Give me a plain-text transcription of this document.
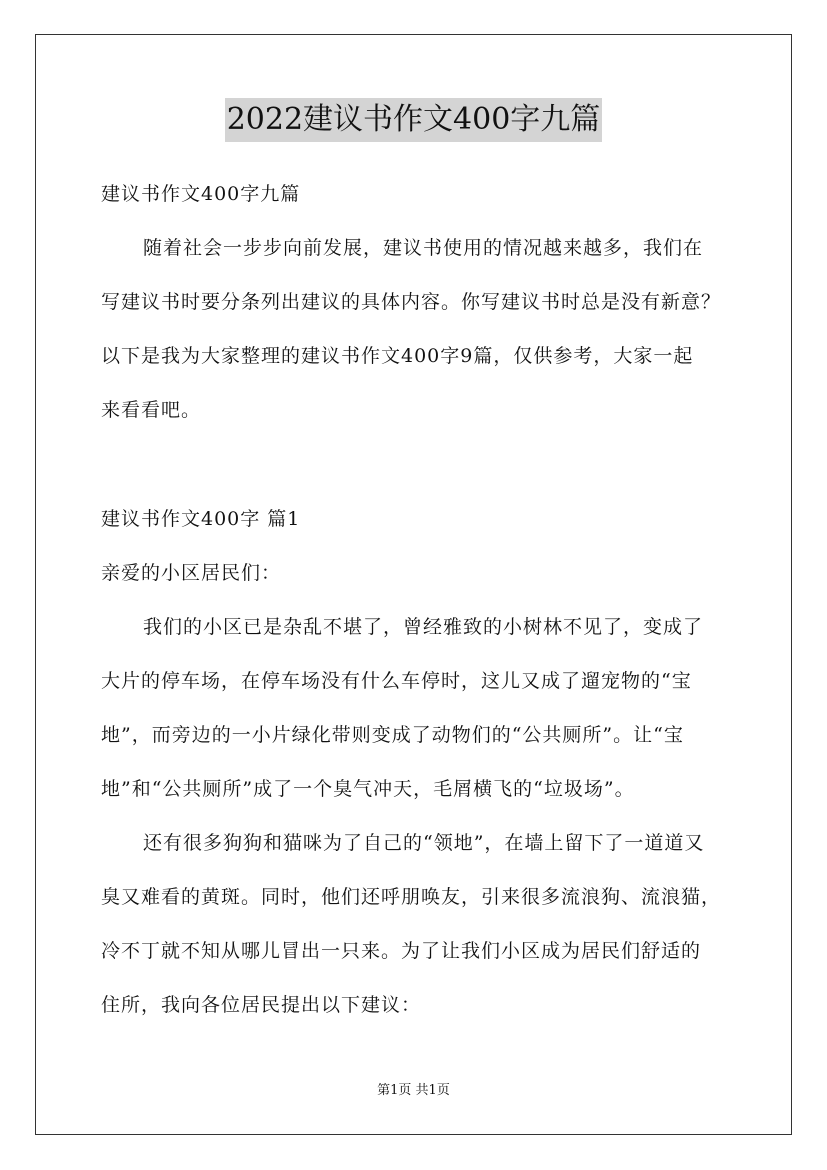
2022建议书作文400字九篇
建议书作文400字九篇
随着社会一步步向前发展，建议书使用的情况越来越多，我们在
写建议书时要分条列出建议的具体内容。你写建议书时总是没有新意？
以下是我为大家整理的建议书作文400字9篇，仅供参考，大家一起
来看看吧。
建议书作文400字 篇1
亲爱的小区居民们：
我们的小区已是杂乱不堪了，曾经雅致的小树林不见了，变成了
大片的停车场，在停车场没有什么车停时，这儿又成了遛宠物的“宝
地”，而旁边的一小片绿化带则变成了动物们的“公共厕所”。让“宝
地”和“公共厕所”成了一个臭气冲天，毛屑横飞的“垃圾场”。
还有很多狗狗和猫咪为了自己的“领地”，在墙上留下了一道道又
臭又难看的黄斑。同时，他们还呼朋唤友，引来很多流浪狗、流浪猫，
冷不丁就不知从哪儿冒出一只来。为了让我们小区成为居民们舒适的
住所，我向各位居民提出以下建议：
第1页 共1页
